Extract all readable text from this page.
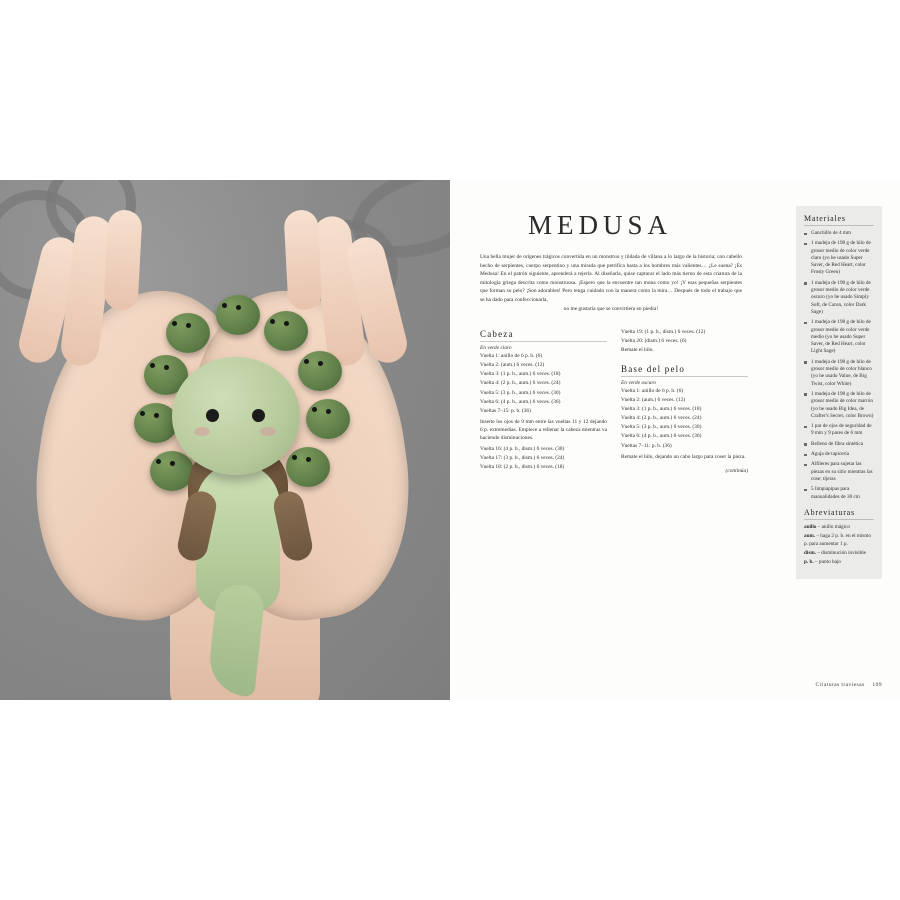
MEDUSA
Una bella mujer de orígenes trágicos convertida en un monstruo y tildada de villana a lo largo de la historia; con cabello hecho de serpientes, cuerpo serpentino y una mirada que petrifica hasta a los hombres más valientes… ¿Le suena? ¡Es Medusa! En el patrón siguiente, aprenderá a tejerla. Al diseñarla, quise capturar el lado más tierno de esta criatura de la mitología griega descrita como monstruosa. ¡Espero que la encuentre tan mona como yo! ¡Y esas pequeñas serpientes que forman su pelo? ¡Son adorables! Pero tenga cuidado con la manera como la mira… Después de todo el trabajo que se ha dado para confeccionarla,
no me gustaría que se convirtiera en piedra!
Cabeza
En verde claro
Vuelta 1: anillo de 6 p. b. (6)
Vuelta 2: (aum.) 6 veces. (12)
Vuelta 3: (1 p. b., aum.) 6 veces. (18)
Vuelta 4: (2 p. b., aum.) 6 veces. (24)
Vuelta 5: (3 p. b., aum.) 6 veces. (30)
Vuelta 6: (4 p. b., aum.) 6 veces. (36)
Vueltas 7–15: p. b. (36)
Inserte los ojos de 9 mm entre las vueltas 11 y 12 dejando 6 p. extremedias. Empiece a rellenar la cabeza mientras va haciendo disminuciones.
Vuelta 16: (4 p. b., dism.) 6 veces. (30)
Vuelta 17: (3 p. b., dism.) 6 veces. (24)
Vuelta 18: (2 p. b., dism.) 6 veces. (18)
Vuelta 19: (1 p. b., dism.) 6 veces. (12)
Vuelta 20: (dism.) 6 veces. (6)
Remate el hilo.
Base del pelo
En verde oscuro
Vuelta 1: anillo de 6 p. b. (6)
Vuelta 2: (aum.) 6 veces. (12)
Vuelta 3: (1 p. b., aum.) 6 veces. (18)
Vuelta 4: (2 p. b., aum.) 6 veces. (24)
Vuelta 5: (3 p. b., aum.) 6 veces. (30)
Vuelta 6: (4 p. b., aum.) 6 veces. (36)
Vueltas 7–11: p. b. (36)
Remate el hilo, dejando un cabo largo para coser la pieza.
(continúa)
Materiales
Ganchillo de 4 mm
1 madeja de 198 g de hilo de grosor medio de color verde claro (yo he usado Super Saver, de Red Heart, color Frosty Green)
1 madeja de 198 g de hilo de grosor medio de color verde oscuro (yo he usado Simply Soft, de Caron, color Dark Sage)
1 madeja de 198 g de hilo de grosor medio de color verde medio (yo he usado Super Saver, de Red Heart, color Light Sage)
1 madeja de 198 g de hilo de grosor medio de color blanco (yo he usado Value, de Big Twist, color White)
1 madeja de 198 g de hilo de grosor medio de color marrón (yo he usado Big Idea, de Crafter's Secret, color Brown)
1 par de ojos de seguridad de 9 mm y 9 pares de 6 mm
Relleno de fibra sintética
Aguja de tapicería
Alfileres para sujetar las piezas en su sitio mientras las cose; tijeras
5 limpiapipas para manualidades de 30 cm
Abreviaturas
anillo – anillo mágico
aum. – haga 2 p. b. en el mismo p. para aumentar 1 p.
dism. – disminución invisible
p. b. – punto bajo
Criaturas traviesas 109
